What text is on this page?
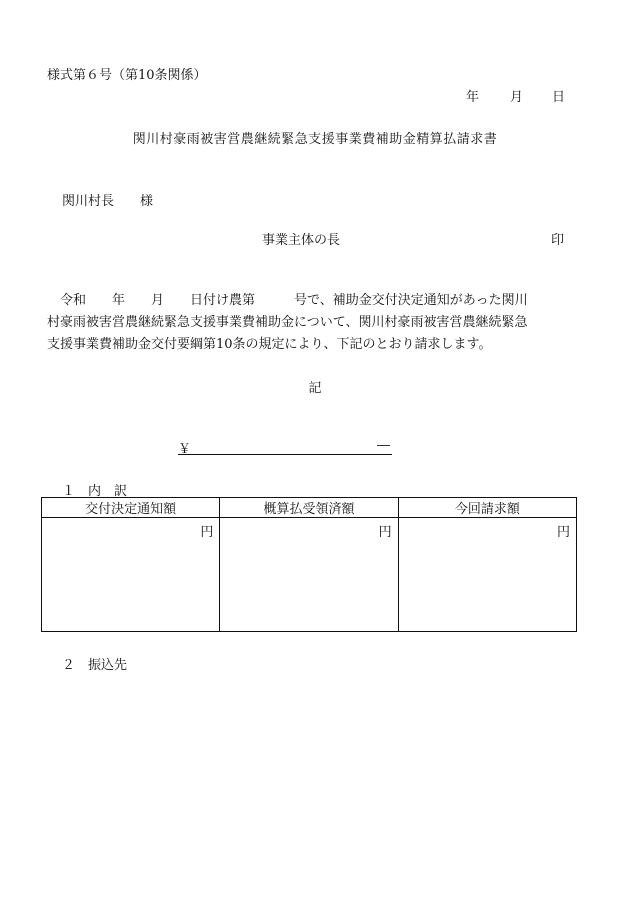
様式第６号（第10条関係）
年 月 日
関川村豪雨被害営農継続緊急支援事業費補助金精算払請求書
関川村長 様
事業主体の長	印
　令和　　年　　月　　日付け農第　　　号で、補助金交付決定通知があった関川
村豪雨被害営農継続緊急支援事業費補助金について、関川村豪雨被害営農継続緊急
支援事業費補助金交付要綱第10条の規定により、下記のとおり請求します。
記
￥	―
１ 内　訳
交付決定通知額	概算払受領済額	今回請求額
円	円	円
２ 振込先
